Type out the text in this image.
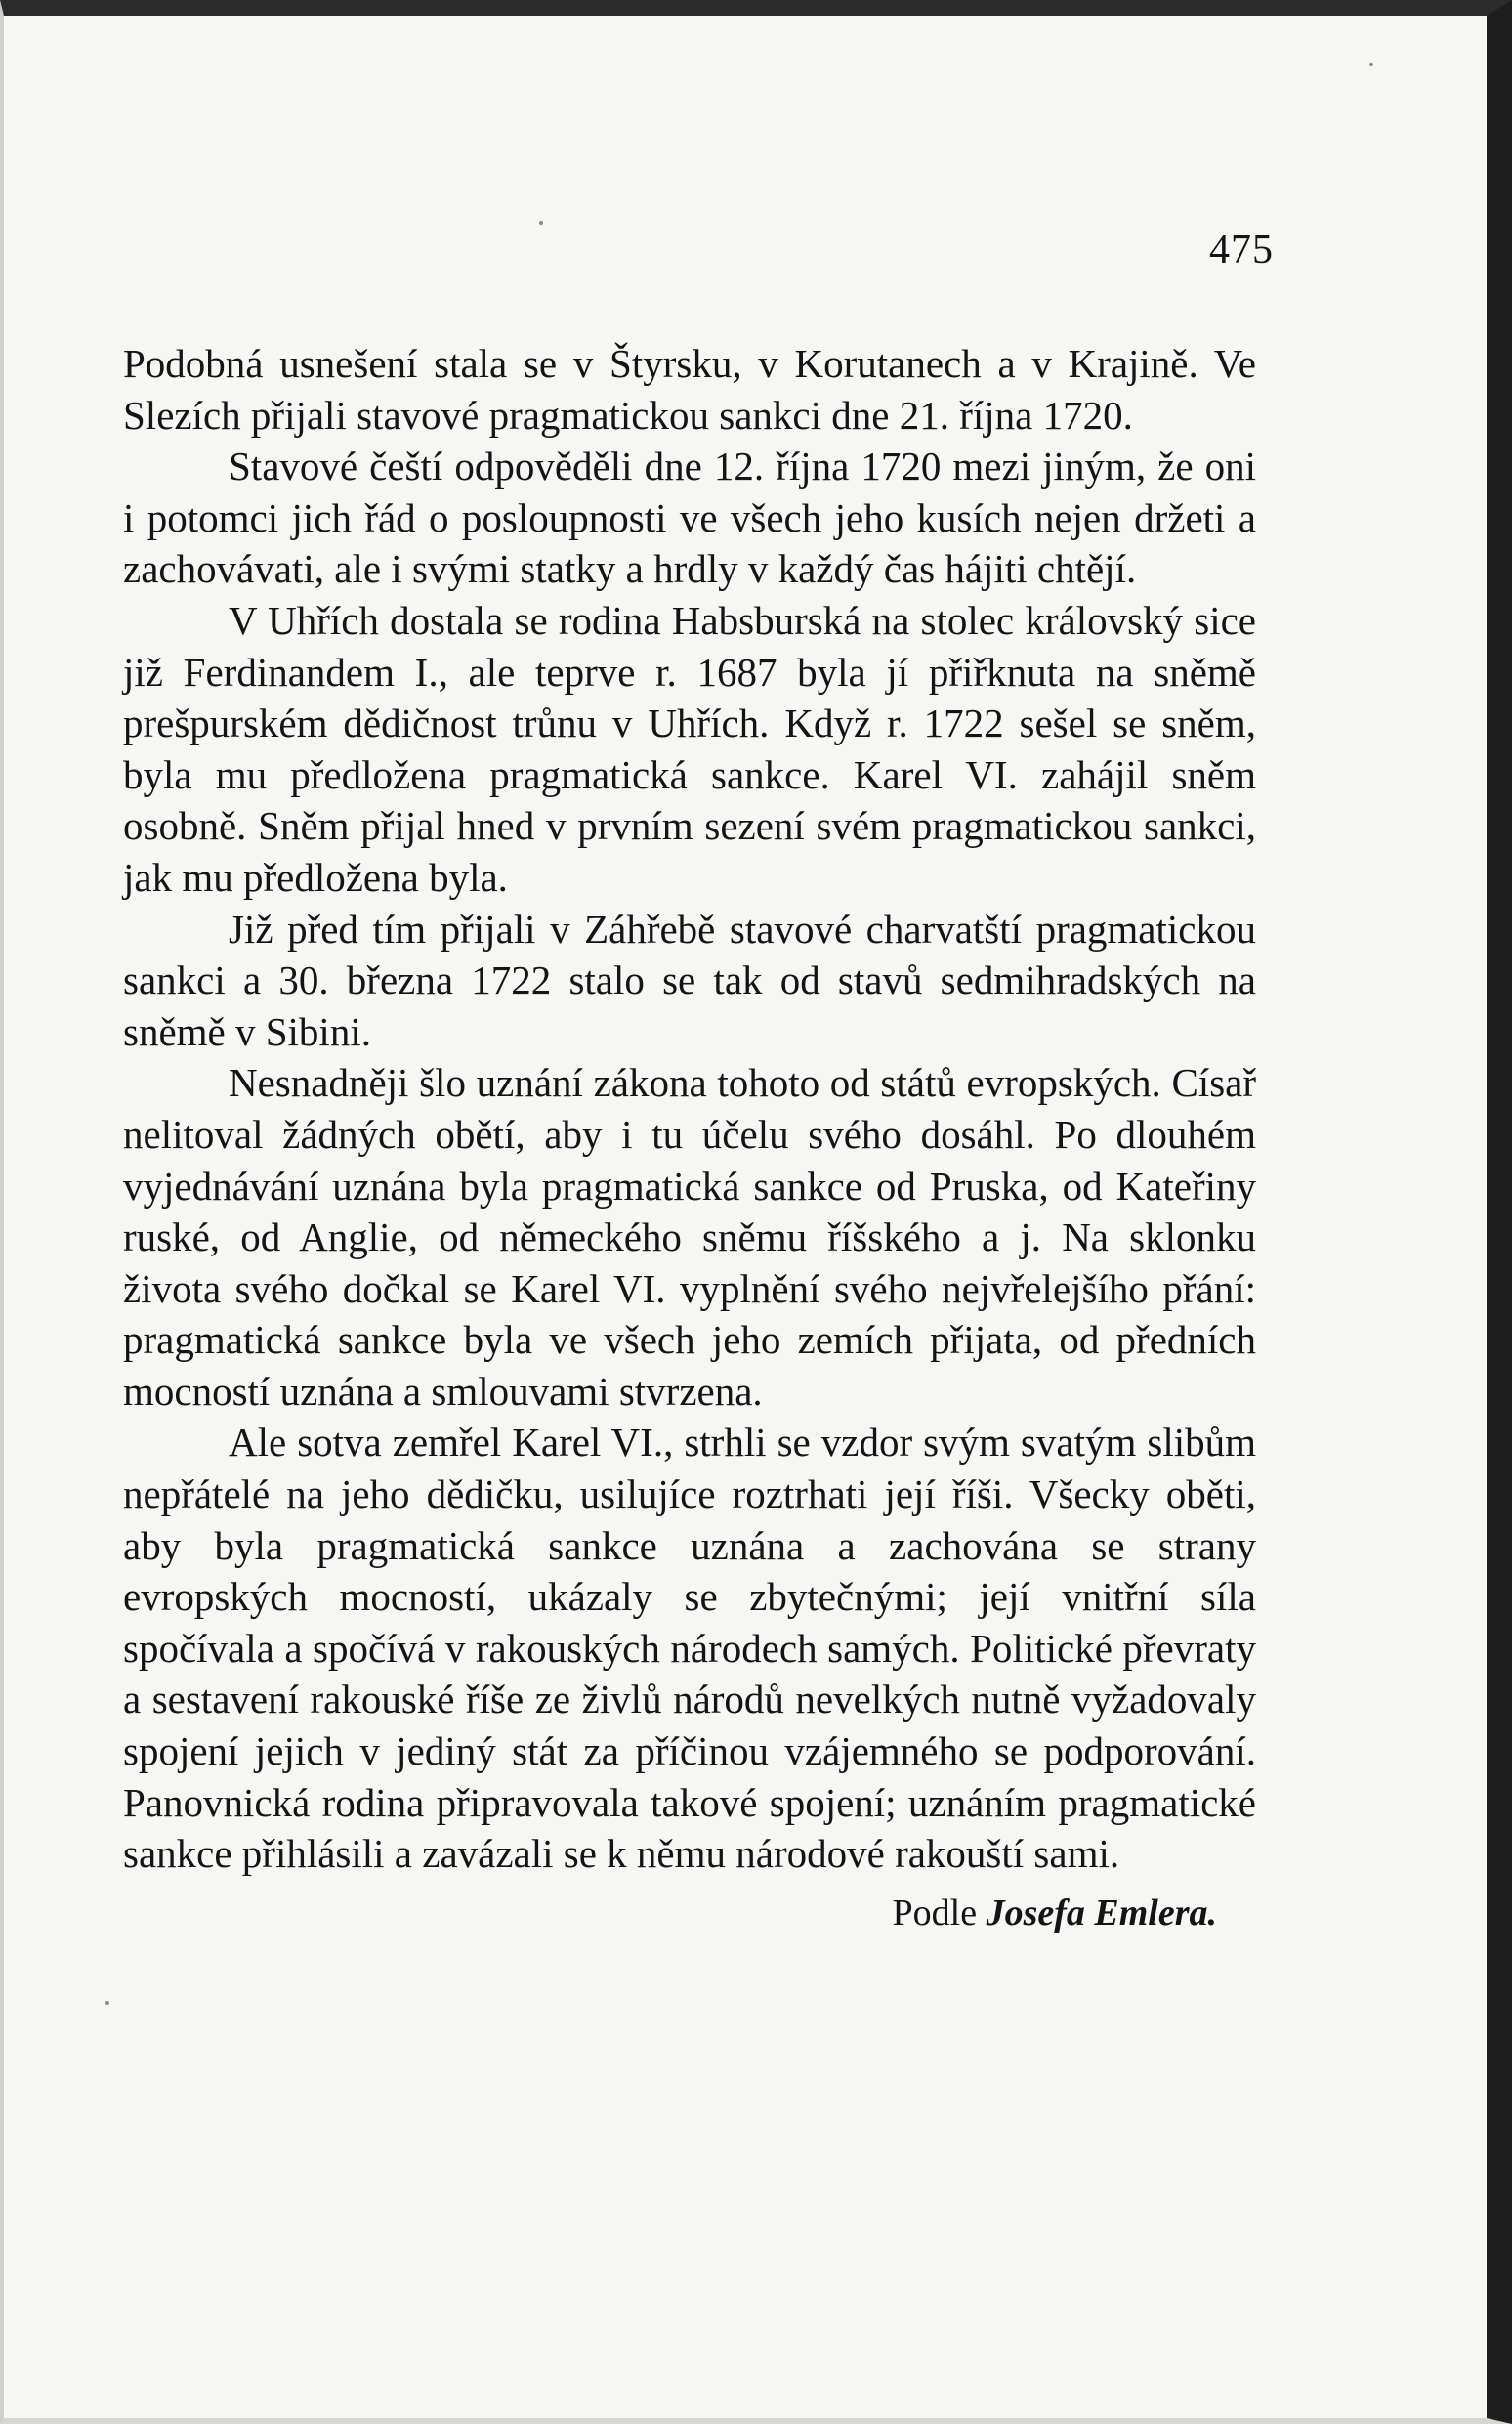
475

Podobná usnešení stala se v Štyrsku, v Korutanech a v Krajině. Ve Slezích přijali stavové pragmatickou sankci dne 21. října 1720.

Stavové čeští odpověděli dne 12. října 1720 mezi jiným, že oni i potomci jich řád o posloupnosti ve všech jeho kusích nejen držeti a zachovávati, ale i svými statky a hrdly v každý čas hájiti chtějí.

V Uhřích dostala se rodina Habsburská na stolec královský sice již Ferdinandem I., ale teprve r. 1687 byla jí přiřknuta na sněmě prešpurském dědičnost trůnu v Uhřích. Když r. 1722 sešel se sněm, byla mu předložena pragmatická sankce. Karel VI. zahájil sněm osobně. Sněm přijal hned v prvním sezení svém pragmatickou sankci, jak mu předložena byla.

Již před tím přijali v Záhřebě stavové charvatští pragmatickou sankci a 30. března 1722 stalo se tak od stavů sedmihradských na sněmě v Sibini.

Nesnadněji šlo uznání zákona tohoto od států evropských. Císař nelitoval žádných obětí, aby i tu účelu svého dosáhl. Po dlouhém vyjednávání uznána byla pragmatická sankce od Pruska, od Kateřiny ruské, od Anglie, od německého sněmu říšského a j. Na sklonku života svého dočkal se Karel VI. vyplnění svého nejvřelejšího přání: pragmatická sankce byla ve všech jeho zemích přijata, od předních mocností uznána a smlouvami stvrzena.

Ale sotva zemřel Karel VI., strhli se vzdor svým svatým slibům nepřátelé na jeho dědičku, usilujíce roztrhati její říši. Všecky oběti, aby byla pragmatická sankce uznána a zachována se strany evropských mocností, ukázaly se zbytečnými; její vnitřní síla spočívala a spočívá v rakouských národech samých. Politické převraty a sestavení rakouské říše ze živlů národů nevelkých nutně vyžadovaly spojení jejich v jediný stát za příčinou vzájemného se podporování. Panovnická rodina připravovala takové spojení; uznáním pragmatické sankce přihlásili a zavázali se k němu národové rakouští sami.

Podle Josefa Emlera.
